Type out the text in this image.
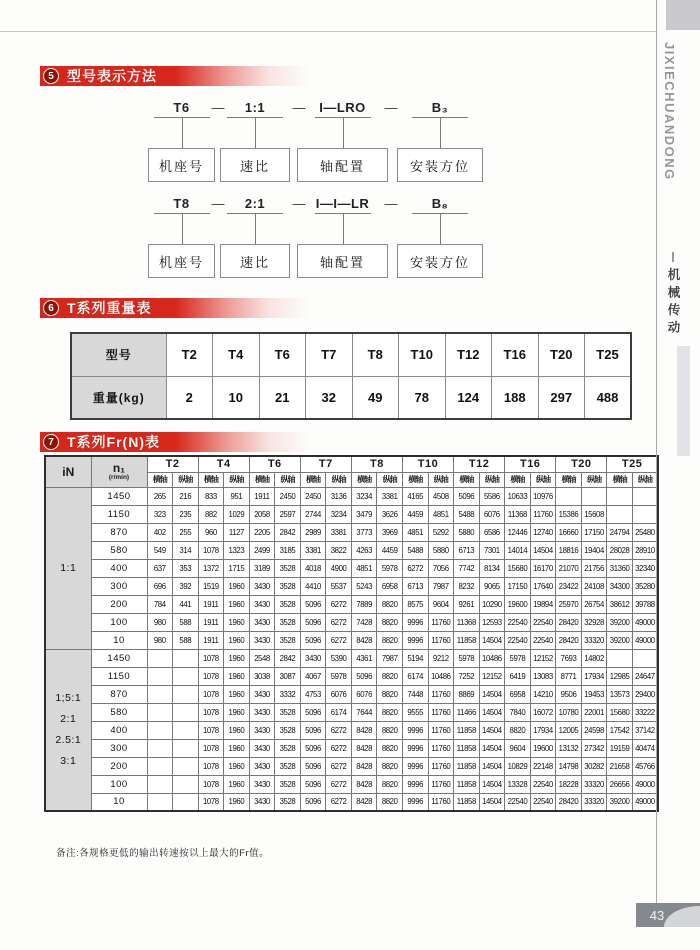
5 型号表示方法
T6
机座号
—	1:1
速比
—	I—LRO
轴配置
—	B₃
安装方位
T8
机座号
—	2:1
速比
— I—I—LR
轴配置
—	B₈
安装方位
6 T系列重量表
型号	T2	T4	T6	T7	T8	T10	T12	T16	T20	T25
重量(kg)	2	10	21	32	49	78	124	188	297	488
7 T系列Fr(N)表
iN	n₁
(r/min)	T2		T4		T6		T7		T8		T10		T12		T16		T20		T25	
		横轴	纵轴	横轴	纵轴	横轴	纵轴	横轴	纵轴	横轴	纵轴	横轴	纵轴	横轴	纵轴	横轴	纵轴	横轴	纵轴	横轴	纵轴

1:1	1450	265	216	833	951	1911	2450	2450	3136	3234	3381	4165	4508	5096	5586	10633	10976				
	1150	323	235	882	1029	2058	2597	2744	3234	3479	3626	4459	4851	5488	6076	11368	11760	15386	15608		
	870	402	255	960	1127	2205	2842	2989	3381	3773	3969	4851	5292	5880	6586	12446	12740	16660	17150	24794	25480
	580	549	314	1078	1323	2499	3185	3381	3822	4263	4459	5488	5880	6713	7301	14014	14504	18816	19404	28028	28910
	400	637	353	1372	1715	3189	3528	4018	4900	4851	5978	6272	7056	7742	8134	15680	16170	21070	21756	31360	32340
	300	696	392	1519	1960	3430	3528	4410	5537	5243	6958	6713	7987	8232	9065	17150	17640	23422	24108	34300	35280
	200	784	441	1911	1960	3430	3528	5096	6272	7889	8820	8575	9604	9261	10290	19600	19894	25970	26754	38612	39788
	100	980	588	1911	1960	3430	3528	5096	6272	7428	8820	9996	11760	11368	12593	22540	22540	28420	32928	39200	49000
	10	980	588	1911	1960	3430	3528	5096	6272	8428	8820	9996	11760	11858	14504	22540	22540	28420	33320	39200	49000

1;5:1
2:1
2.5:1
3:1	1450			1078	1960	2548	2842	3430	5390	4361	7987	5194	9212	5978	10486	5978	12152	7693	14802		
	1150			1078	1960	3038	3087	4067	5978	5096	8820	6174	10486	7252	12152	6419	13083	8771	17934	12985	24647
	870			1078	1960	3430	3332	4753	6076	6076	8820	7448	11760	8869	14504	6958	14210	9506	19453	13573	29400
	580			1078	1960	3430	3528	5096	6174	7644	8820	9555	11760	11466	14504	7840	16072	10780	22001	15680	33222
	400			1078	1960	3430	3528	5096	6272	8428	8820	9996	11760	11858	14504	8820	17934	12005	24598	17542	37142
	300			1078	1960	3430	3528	5096	6272	8428	8820	9996	11760	11858	14504	9604	19600	13132	27342	19159	40474
	200			1078	1960	3430	3528	5096	6272	8428	8820	9996	11760	11858	14504	10829	22148	14798	30282	21658	45766
	100			1078	1960	3430	3528	5096	6272	8428	8820	9996	11760	11858	14504	13328	22540	18228	33320	26656	49000
	10			1078	1960	3430	3528	5096	6272	8428	8820	9996	11760	11858	14504	22540	22540	28420	33320	39200	49000
备注:各规格更低的输出转速按以上最大的Fr值。
JIXIECHUANDONG
机械传动
43
